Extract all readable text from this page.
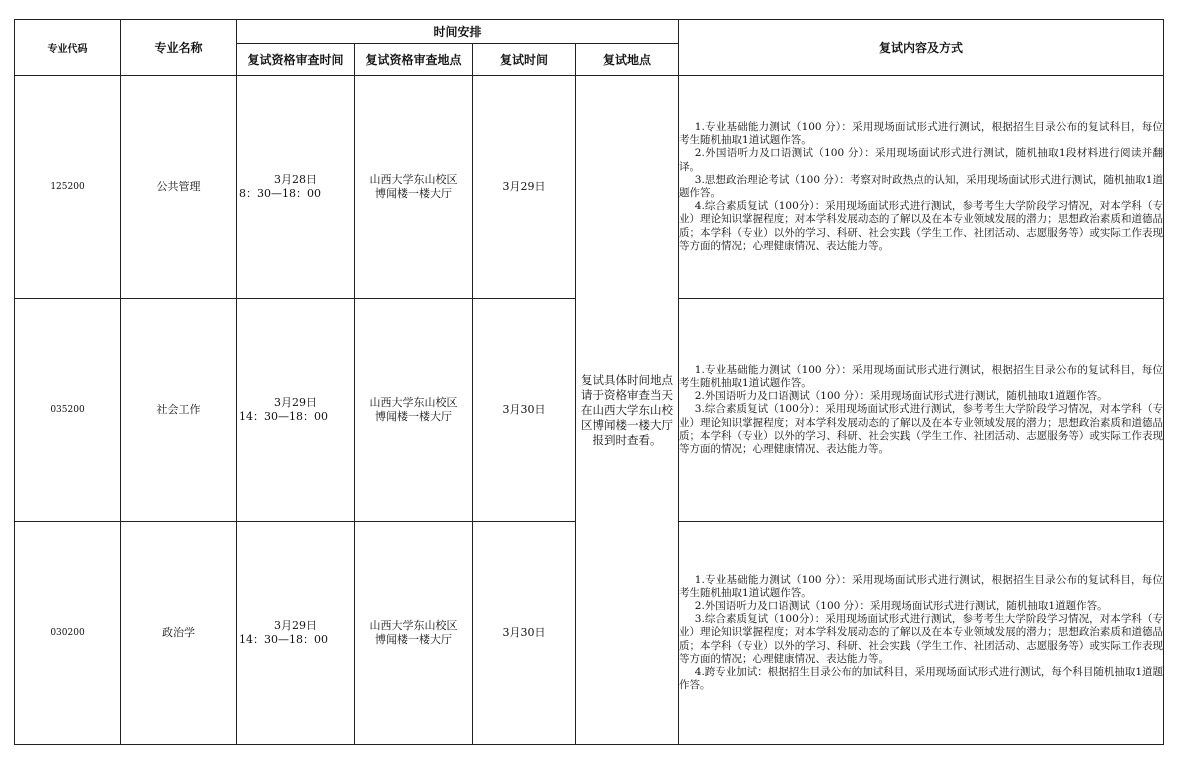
专业代码	专业名称	时间安排				复试内容及方式
		复试资格审查时间	复试资格审查地点	复试时间	复试地点	
125200	公共管理	3月28日
8：30—18：00	山西大学东山校区
博闻楼一楼大厅	3月29日	复试具体时间地点请于资格审查当天在山西大学东山校区博闻楼一楼大厅报到时查看。	1.专业基础能力测试（100 分）：采用现场面试形式进行测试，根据招生目录公布的复试科目，每位考生随机抽取1道试题作答。
2.外国语听力及口语测试（100 分）：采用现场面试形式进行测试，随机抽取1段材料进行阅读并翻译。
3.思想政治理论考试（100 分）：考察对时政热点的认知，采用现场面试形式进行测试，随机抽取1道题作答。
4.综合素质复试（100分）：采用现场面试形式进行测试，参考考生大学阶段学习情况，对本学科（专业）理论知识掌握程度；对本学科发展动态的了解以及在本专业领域发展的潜力；思想政治素质和道德品质；本学科（专业）以外的学习、科研、社会实践（学生工作、社团活动、志愿服务等）或实际工作表现等方面的情况；心理健康情况、表达能力等。

035200	社会工作	3月29日
14：30—18：00	山西大学东山校区
博闻楼一楼大厅	3月30日		1.专业基础能力测试（100 分）：采用现场面试形式进行测试，根据招生目录公布的复试科目，每位考生随机抽取1道试题作答。
2.外国语听力及口语测试（100 分）：采用现场面试形式进行测试，随机抽取1道题作答。
3.综合素质复试（100分）：采用现场面试形式进行测试，参考考生大学阶段学习情况，对本学科（专业）理论知识掌握程度；对本学科发展动态的了解以及在本专业领域发展的潜力；思想政治素质和道德品质；本学科（专业）以外的学习、科研、社会实践（学生工作、社团活动、志愿服务等）或实际工作表现等方面的情况；心理健康情况、表达能力等。

030200	政治学	3月29日
14：30—18：00	山西大学东山校区
博闻楼一楼大厅	3月30日		1.专业基础能力测试（100 分）：采用现场面试形式进行测试，根据招生目录公布的复试科目，每位考生随机抽取1道试题作答。
2.外国语听力及口语测试（100 分）：采用现场面试形式进行测试，随机抽取1道题作答。
3.综合素质复试（100分）：采用现场面试形式进行测试，参考考生大学阶段学习情况，对本学科（专业）理论知识掌握程度；对本学科发展动态的了解以及在本专业领域发展的潜力；思想政治素质和道德品质；本学科（专业）以外的学习、科研、社会实践（学生工作、社团活动、志愿服务等）或实际工作表现等方面的情况；心理健康情况、表达能力等。
4.跨专业加试：根据招生目录公布的加试科目，采用现场面试形式进行测试，每个科目随机抽取1道题作答。
